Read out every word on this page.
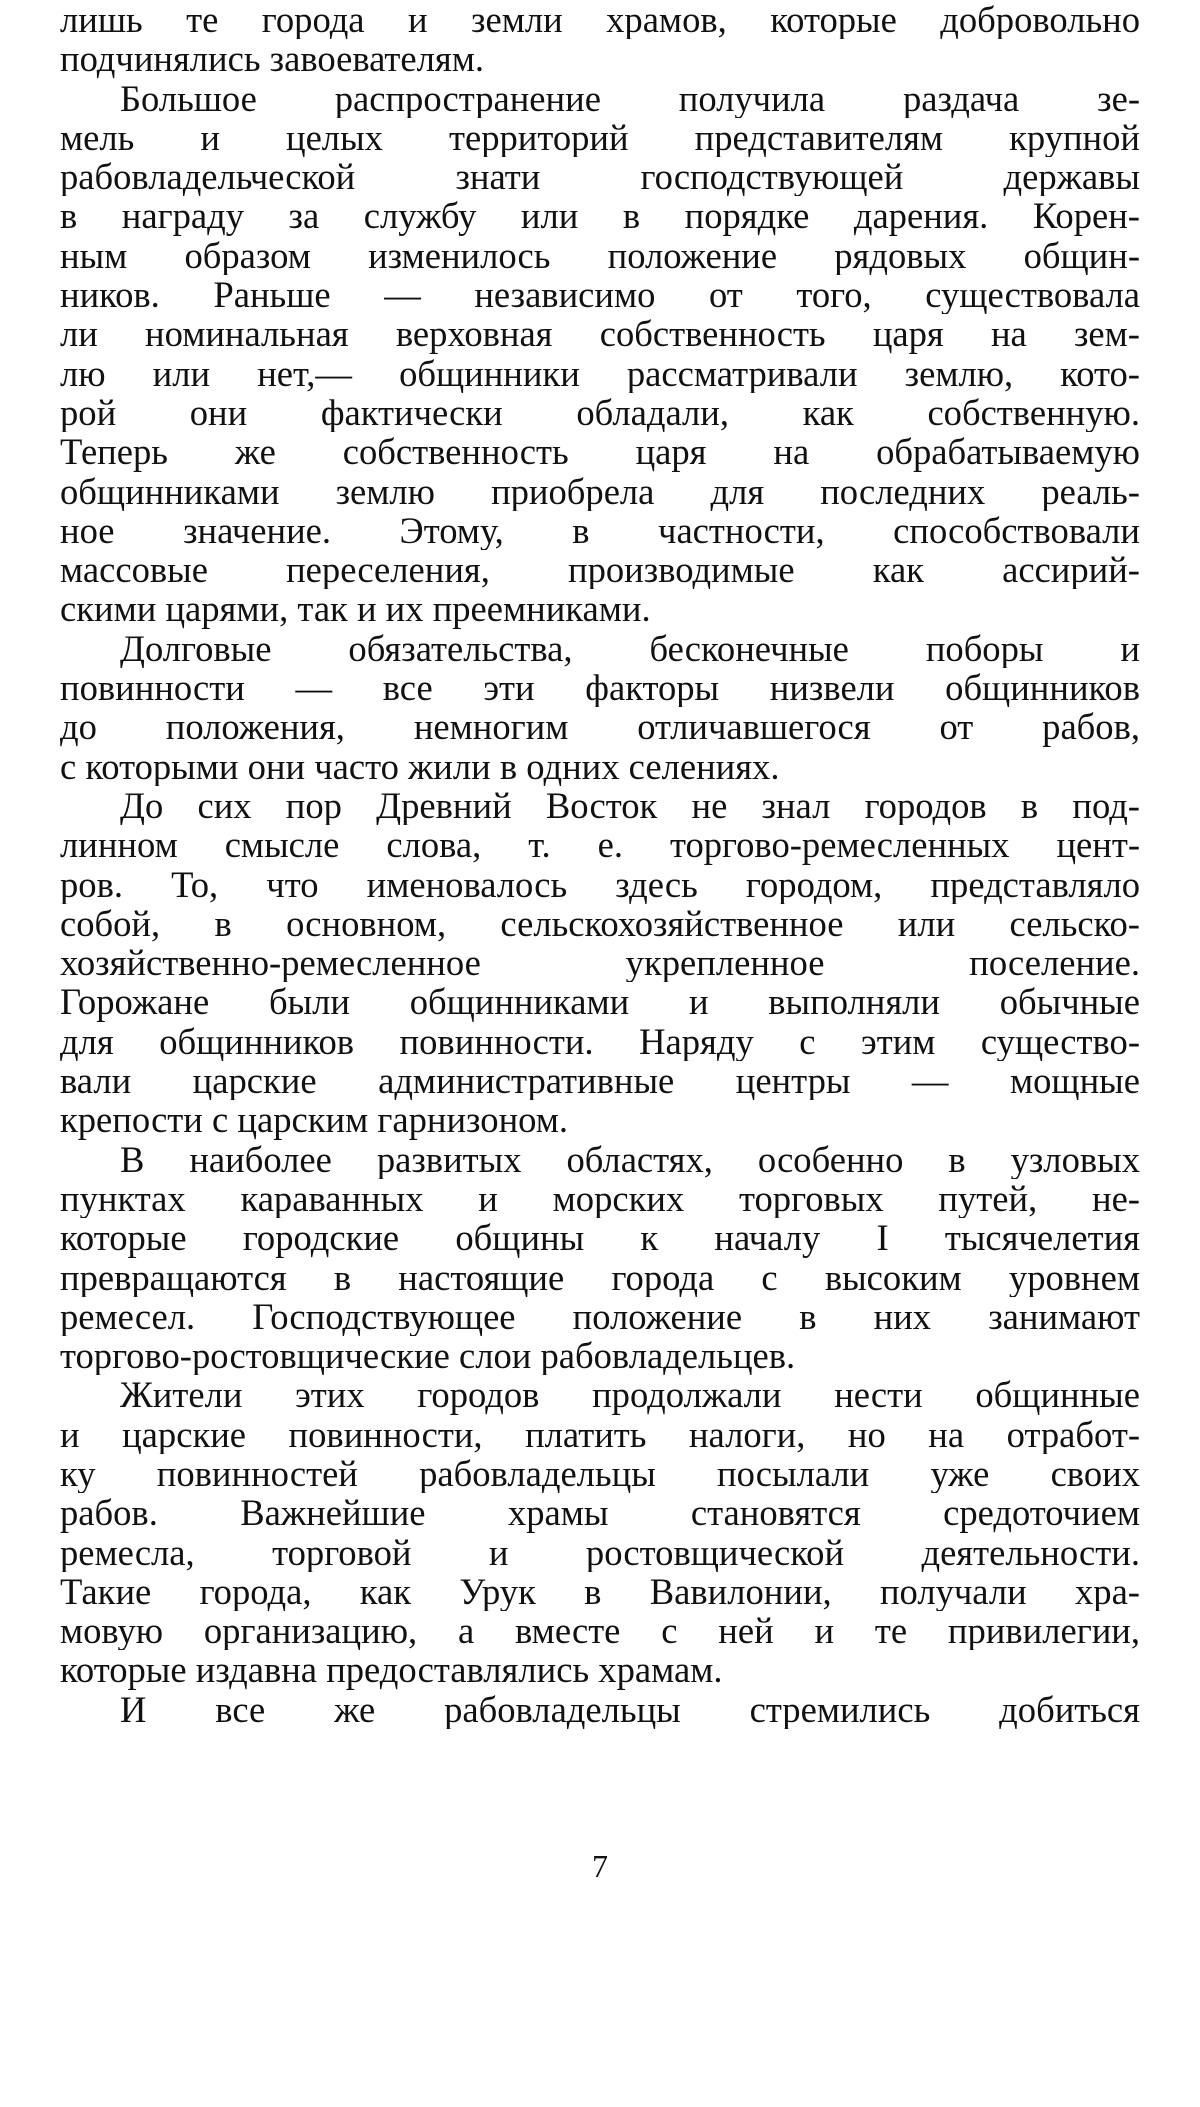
лишь те города и земли храмов, которые добровольно
подчинялись завоевателям.
Большое распространение получила раздача зе-
мель и целых территорий представителям крупной
рабовладельческой знати господствующей державы
в награду за службу или в порядке дарения. Корен-
ным образом изменилось положение рядовых общин-
ников. Раньше — независимо от того, существовала
ли номинальная верховная собственность царя на зем-
лю или нет,— общинники рассматривали землю, кото-
рой они фактически обладали, как собственную.
Теперь же собственность царя на обрабатываемую
общинниками землю приобрела для последних реаль-
ное значение. Этому, в частности, способствовали
массовые переселения, производимые как ассирий-
скими царями, так и их преемниками.
Долговые обязательства, бесконечные поборы и
повинности — все эти факторы низвели общинников
до положения, немногим отличавшегося от рабов,
с которыми они часто жили в одних селениях.
До сих пор Древний Восток не знал городов в под-
линном смысле слова, т. е. торгово-ремесленных цент-
ров. То, что именовалось здесь городом, представляло
собой, в основном, сельскохозяйственное или сельско-
хозяйственно-ремесленное укрепленное поселение.
Горожане были общинниками и выполняли обычные
для общинников повинности. Наряду с этим существо-
вали царские административные центры — мощные
крепости с царским гарнизоном.
В наиболее развитых областях, особенно в узловых
пунктах караванных и морских торговых путей, не-
которые городские общины к началу I тысячелетия
превращаются в настоящие города с высоким уровнем
ремесел. Господствующее положение в них занимают
торгово-ростовщические слои рабовладельцев.
Жители этих городов продолжали нести общинные
и царские повинности, платить налоги, но на отработ-
ку повинностей рабовладельцы посылали уже своих
рабов. Важнейшие храмы становятся средоточием
ремесла, торговой и ростовщической деятельности.
Такие города, как Урук в Вавилонии, получали хра-
мовую организацию, а вместе с ней и те привилегии,
которые издавна предоставлялись храмам.
И все же рабовладельцы стремились добиться
7
